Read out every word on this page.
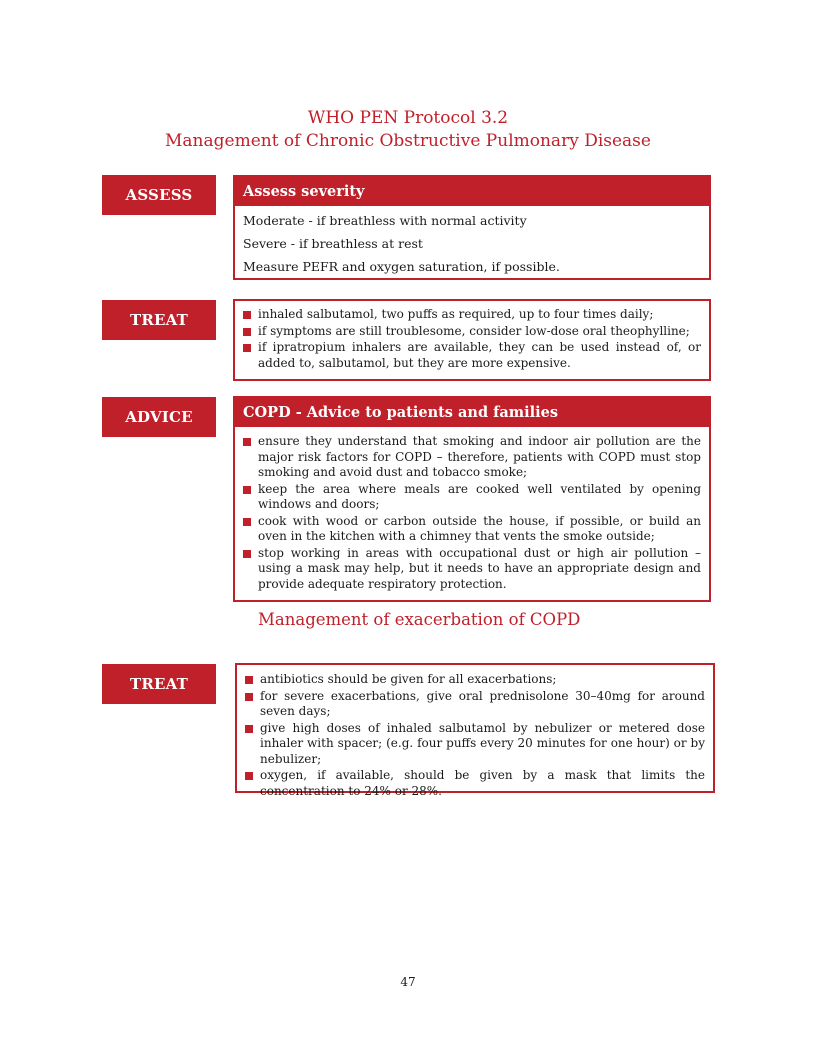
WHO PEN Protocol 3.2
Management of Chronic Obstructive Pulmonary Disease
ASSESS	Assess severity
Moderate - if breathless with normal activity
Severe - if breathless at rest
Measure PEFR and oxygen saturation, if possible.
TREAT	inhaled salbutamol, two puffs as required, up to four times daily;
if symptoms are still troublesome, consider low-dose oral theophylline;
if ipratropium inhalers are available, they can be used instead of, or added to, salbutamol, but they are more expensive.
ADVICE	COPD - Advice to patients and families
ensure they understand that smoking and indoor air pollution are the major risk factors for COPD – therefore, patients with COPD must stop smoking and avoid dust and tobacco smoke;
keep the area where meals are cooked well ventilated by opening windows and doors;
cook with wood or carbon outside the house, if possible, or build an oven in the kitchen with a chimney that vents the smoke outside;
stop working in areas with occupational dust or high air pollution – using a mask may help, but it needs to have an appropriate design and provide adequate respiratory protection.
Management of exacerbation of COPD
TREAT	antibiotics should be given for all exacerbations;
for severe exacerbations, give oral prednisolone 30–40mg for around seven days;
give high doses of inhaled salbutamol by nebulizer or metered dose inhaler with spacer; (e.g. four puffs every 20 minutes for one hour) or by nebulizer;
oxygen, if available, should be given by a mask that limits the concentration to 24% or 28%.
47
